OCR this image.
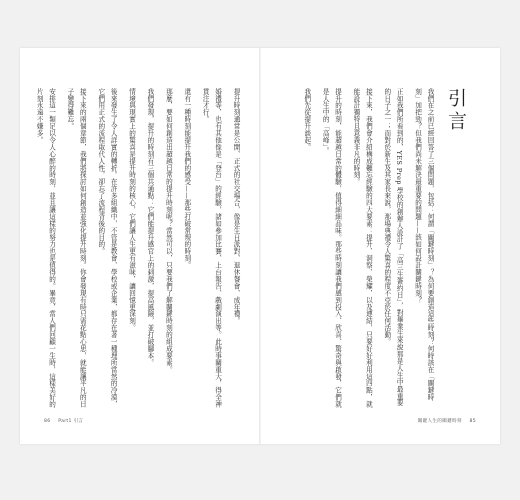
提升時刻通常是公開、正式的社交場合，像是生日派對、退休餐會、成年禮。

婚禮等，也有其他像是「登台」的經驗，諸如參加比賽、上台報告、戲劇演出等。此時事關重大，得全神貫注才行。

還有一種時刻能提升我們的感受——那些打破常規的時刻。

那麼，要如何創造出超越日常的提升時刻呢？當然可以，只要我們了解關鍵時刻的組成要素。

我們發現，提升的時刻有三個共通點：它們能提升感官上的刺激，提高風險，並打破腳本。

情境與現實上的驚喜是提升時刻的核心，它們讓人生更有滋味，讓回憶更深刻。

後來發生了令人詳實的轉折。在許多組織中，不管是教會、學校或企業，都存在著一種理所當然的冷漠，它們用正式的流程取代人性，卻忘了流程背後的目的。

接下來的兩個章節，我們將探討如何創造並強化提升時刻。你會發現有時只需花點心思，就能讓平凡的日子變得難忘。

安排這一類足以令人心醉的時刻，並且讓這樣的努力也是值得的。畢竟，當人們回顧一生時，這樣美好的片刻永遠不嫌多。	我們在之前已經回答了三個問題，包括：何謂「關鍵時刻」？為何要創造這些時刻？何時該在「關鍵時刻」加把勁？但我們尚未解決最重要的問題——該如何設計關鍵時刻？

正如我們所看到的，YES Prep 學校的創辦人設計了「高三生簽約日」，對畢業生來說那是人生中最重要的日子之一；而對於新生及其家長來說，那場典禮令人驚喜的程度不亞於任何活動。

接下來，我們會介紹構成難忘經驗的四大要素：提升、洞察、榮耀，以及連結，只要好好利用這四點，就能設計獨特且意義非凡的時刻。

提升的時刻，能超越日常的體驗，值得細細品味。那些時刻讓我們感到投入、欣喜、驚奇與啟發，它們就是人生中的「高峰」。

我們先從提升談起。	引言
86 Part1 引言	關鍵人生的關鍵時刻 85
